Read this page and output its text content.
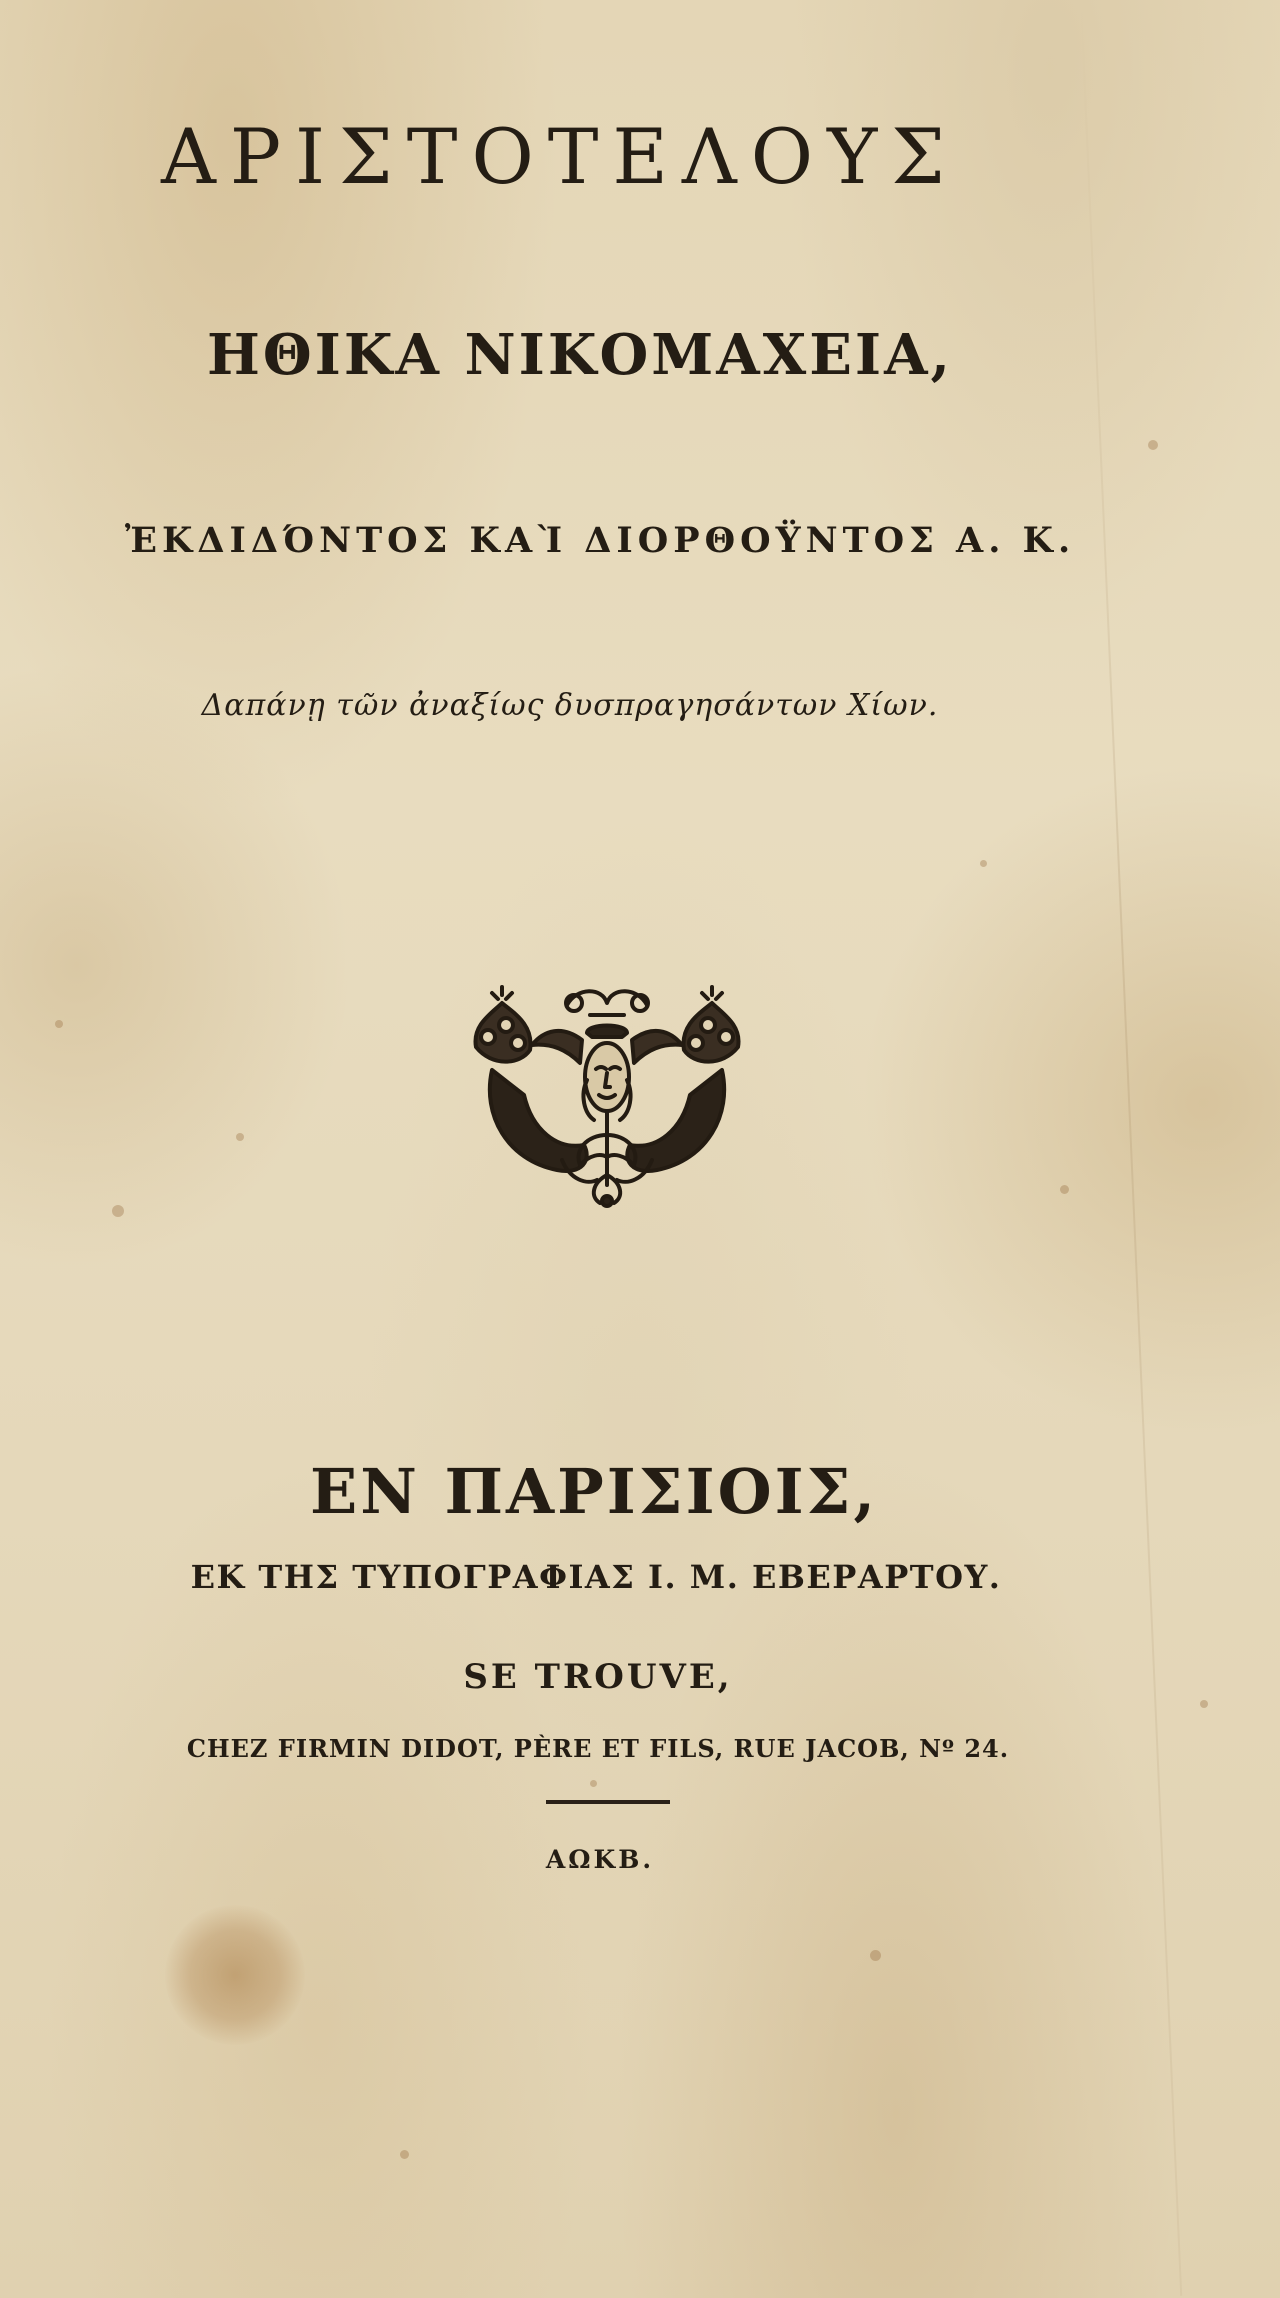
ΑΡΙΣΤΟΤΕΛΟΥΣ
ΗΘΙΚΑ ΝΙΚΟΜΑΧΕΙΑ,
ἘΚΔΙΔΌΝΤΟΣ ΚΑῚ ΔΙΟΡΘΟΫΝΤΟΣ Α. Κ.
Δαπάνῃ τῶν ἀναξίως δυσπραγησάντων Χίων.
ΕΝ ΠΑΡΙΣΙΟΙΣ,
ΕΚ ΤΗΣ ΤΥΠΟΓΡΑΦΙΑΣ Ι. Μ. ΕΒΕΡΑΡΤΟΥ.
SE TROUVE,
CHEZ FIRMIN DIDOT, PÈRE ET FILS, RUE JACOB, Nº 24.
ΑΩΚΒ.
